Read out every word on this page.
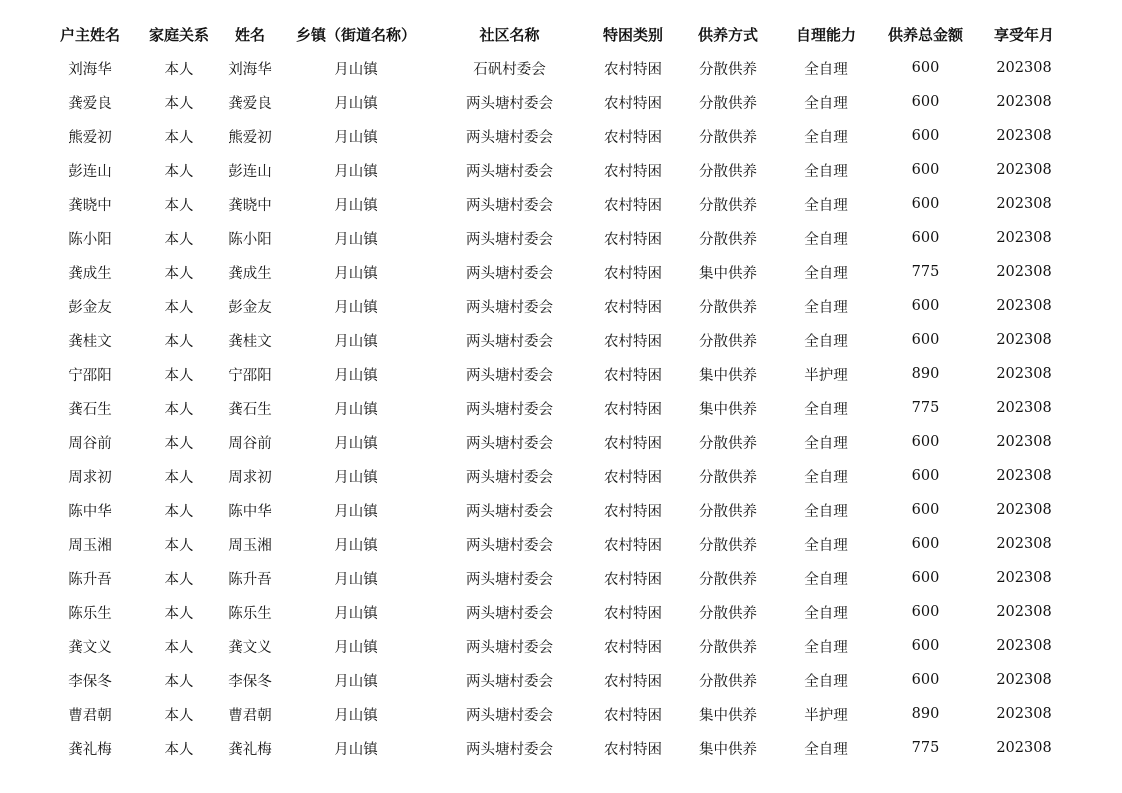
户主姓名	家庭关系	姓名	乡镇（街道名称）	社区名称	特困类别	供养方式	自理能力	供养总金额	享受年月
刘海华	本人	刘海华	月山镇	石矾村委会	农村特困	分散供养	全自理	600	202308
龚爱良	本人	龚爱良	月山镇	两头塘村委会	农村特困	分散供养	全自理	600	202308
熊爱初	本人	熊爱初	月山镇	两头塘村委会	农村特困	分散供养	全自理	600	202308
彭连山	本人	彭连山	月山镇	两头塘村委会	农村特困	分散供养	全自理	600	202308
龚晓中	本人	龚晓中	月山镇	两头塘村委会	农村特困	分散供养	全自理	600	202308
陈小阳	本人	陈小阳	月山镇	两头塘村委会	农村特困	分散供养	全自理	600	202308
龚成生	本人	龚成生	月山镇	两头塘村委会	农村特困	集中供养	全自理	775	202308
彭金友	本人	彭金友	月山镇	两头塘村委会	农村特困	分散供养	全自理	600	202308
龚桂文	本人	龚桂文	月山镇	两头塘村委会	农村特困	分散供养	全自理	600	202308
宁邵阳	本人	宁邵阳	月山镇	两头塘村委会	农村特困	集中供养	半护理	890	202308
龚石生	本人	龚石生	月山镇	两头塘村委会	农村特困	集中供养	全自理	775	202308
周谷前	本人	周谷前	月山镇	两头塘村委会	农村特困	分散供养	全自理	600	202308
周求初	本人	周求初	月山镇	两头塘村委会	农村特困	分散供养	全自理	600	202308
陈中华	本人	陈中华	月山镇	两头塘村委会	农村特困	分散供养	全自理	600	202308
周玉湘	本人	周玉湘	月山镇	两头塘村委会	农村特困	分散供养	全自理	600	202308
陈升吾	本人	陈升吾	月山镇	两头塘村委会	农村特困	分散供养	全自理	600	202308
陈乐生	本人	陈乐生	月山镇	两头塘村委会	农村特困	分散供养	全自理	600	202308
龚文义	本人	龚文义	月山镇	两头塘村委会	农村特困	分散供养	全自理	600	202308
李保冬	本人	李保冬	月山镇	两头塘村委会	农村特困	分散供养	全自理	600	202308
曹君朝	本人	曹君朝	月山镇	两头塘村委会	农村特困	集中供养	半护理	890	202308
龚礼梅	本人	龚礼梅	月山镇	两头塘村委会	农村特困	集中供养	全自理	775	202308
